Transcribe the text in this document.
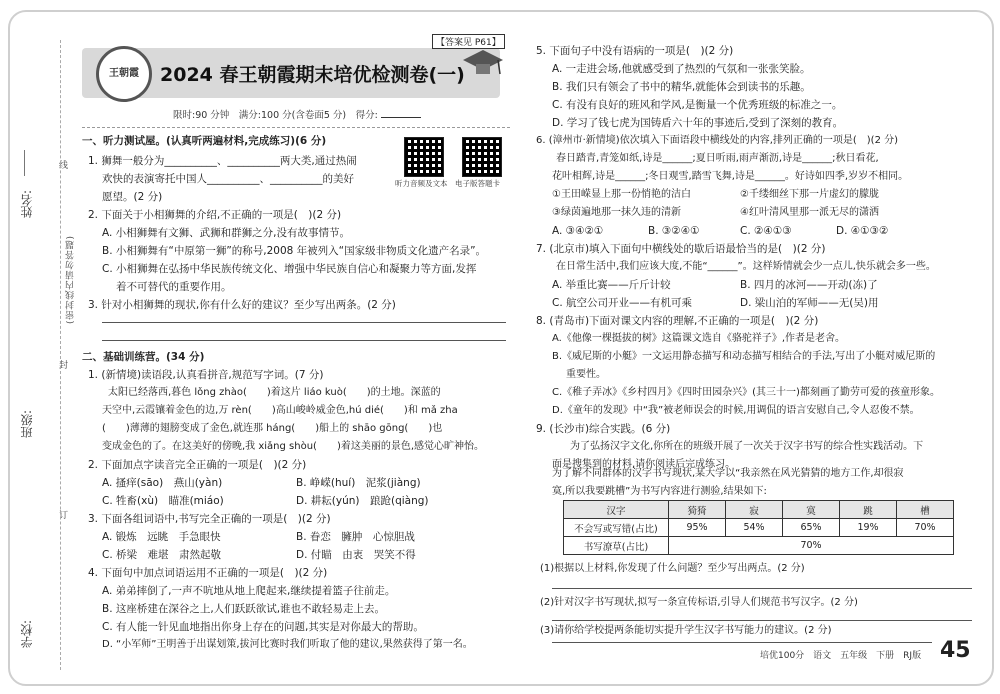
姓名:
班级:
学校:
(密封线内请勿答题)
线
封
订
【答案见 P61】
王朝霞	2024 春王朝霞期末培优检测卷(一)
限时:90 分钟　满分:100 分(含卷面5 分)　得分:
一、听力测试屋。(认真听两遍材料,完成练习)(6 分)
1. 狮舞一般分为__________、__________两大类,通过热闹
欢快的表演寄托中国人__________、__________的美好
愿望。(2 分)
听力音频及文本 电子版答题卡
2. 下面关于小相狮舞的介绍,不正确的一项是(　)(2 分)
A. 小相狮舞有文狮、武狮和群狮之分,没有故事情节。
B. 小相狮舞有“中原第一狮”的称号,2008 年被列入“国家级非物质文化遗产名录”。
C. 小相狮舞在弘扬中华民族传统文化、增强中华民族自信心和凝聚力等方面,发挥
着不可替代的重要作用。
3. 针对小相狮舞的现状,你有什么好的建议？至少写出两条。(2 分)
二、基础训练营。(34 分)
1. (新情境)读语段,认真看拼音,规范写字词。(7 分)
太阳已经落西,暮色 lǒng zhào(　　)着这片 liáo kuò(　　)的土地。深蓝的
天空中,云霞镶着金色的边,万 rèn(　　)高山峻岭威金色,hú dié(　　)和 mǎ zha
(　　)薄薄的翅膀变成了金色,就连那 háng(　　)船上的 shāo gōng(　　)也
变成金色的了。在这美好的傍晚,我 xiǎng shòu(　　)着这美丽的景色,感觉心旷神怡。
2. 下面加点字读音完全正确的一项是(　)(2 分)
A. 搔痒(sāo)　燕山(yàn)	B. 峥嵘(huí)　泥浆(jiàng)
C. 牲畜(xù)　瞄准(miáo)	D. 耕耘(yún)　踉跄(qiàng)
3. 下面各组词语中,书写完全正确的一项是(　)(2 分)
A. 锻炼　远眺　手急眼快	B. 眷恋　臃肿　心惊胆战
C. 桥梁　难堪　肃然起敬	D. 付瞄　由衷　哭笑不得
4. 下面句中加点词语运用不正确的一项是(　)(2 分)
A. 弟弟摔倒了,一声不吭地从地上爬起来,继续提着篮子往前走。
B. 这座桥建在深谷之上,人们跃跃欲试,谁也不敢轻易走上去。
C. 有人能一针见血地指出你身上存在的问题,其实是对你最大的帮助。
D. “小军师”王明善于出谋划策,拔河比赛时我们听取了他的建议,果然获得了第一名。
5. 下面句子中没有语病的一项是(　)(2 分)
A. 一走进会场,他就感受到了热烈的气氛和一张张笑脸。
B. 我们只有领会了书中的精华,就能体会到读书的乐趣。
C. 有没有良好的班风和学风,是衡量一个优秀班级的标准之一。
D. 学习了钱七虎为国铸盾六十年的事迹后,受到了深刻的教育。
6. (漳州市·新情境)依次填入下面语段中横线处的内容,排列正确的一项是(　)(2 分)
春日踏青,青笼如纸,诗是______;夏日听雨,雨声渐沥,诗是______;秋日看花,
花叶相辉,诗是______;冬日观雪,踏雪飞舞,诗是______。好诗如四季,岁岁不相同。
①王田嵘显上那一份悄艳的洁白	②千缕细丝下那一片虚幻的朦胧
③绿茵遍地那一抹久违的清新	④红叶清风里那一派无尽的潇洒
A. ③④②①	B. ③②④①	C. ②④①③	D. ④①③②
7. (北京市)填入下面句中横线处的歇后语最恰当的是(　)(2 分)
在日常生活中,我们应该大度,不能“______”。这样矫情就会少一点儿,快乐就会多一些。
A. 举重比赛——斤斤计较	B. 四月的冰河——开动(冻)了
C. 航空公司开业——有机可乘	D. 梁山泊的军师——无(吴)用
8. (青岛市)下面对课文内容的理解,不正确的一项是(　)(2 分)
A.《他像一棵挺拔的树》这篇课文选自《骆驼祥子》,作者是老舍。
B.《威尼斯的小艇》一文运用静态描写和动态描写相结合的手法,写出了小艇对威尼斯的
重要性。
C.《稚子弄冰》《乡村四月》《四时田园杂兴》(其三十一)都刻画了勤劳可爱的孩童形象。
D.《童年的发现》中“我”被老师误会的时候,用调侃的语言安慰自己,令人忍俊不禁。
9. (长沙市)综合实践。(6 分)
为了弘扬汉字文化,你所在的班级开展了一次关于汉字书写的综合性实践活动。下
面是搜集到的材料,请你阅读后完成练习。
汉字	猗猗	寂	寞	跳	槽
不会写或写错(占比)	95%	54%	65%	19%	70%
书写潦草(占比)	70%				
为了解不同群体的汉字书写现状,某大学以“我亲然在风光猜猜的地方工作,却很寂
(1)根据以上材料,你发现了什么问题？至少写出两点。(2 分)
(2)针对汉字书写现状,拟写一条宣传标语,引导人们规范书写汉字。(2 分)
(3)请你给学校提两条能切实提升学生汉字书写能力的建议。(2 分)
培优100分　语文　五年级　下册　RJ版 45
寞,所以我要跳槽”为书写内容进行测验,结果如下:
